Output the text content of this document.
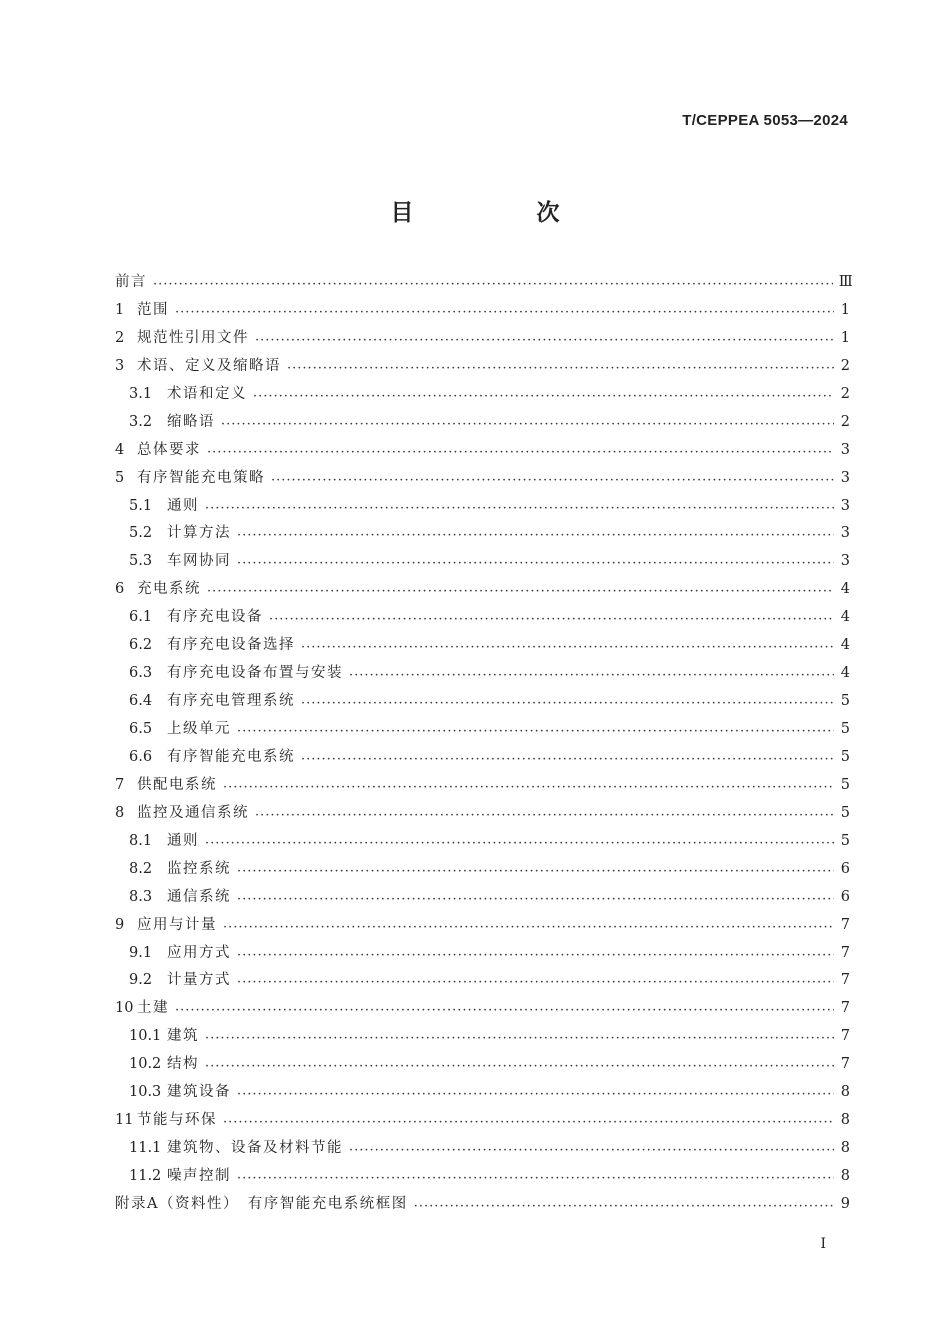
T/CEPPEA 5053—2024
目　次
前言 ·····	Ⅲ
1 范围 ·····	1
2 规范性引用文件 ·····	1
3 术语、定义及缩略语 ·····	2
3.1	术语和定义 ·····	2
3.2	缩略语 ·····	2
4 总体要求 ·····	3
5 有序智能充电策略 ·····	3
5.1	通则 ·····	3
5.2	计算方法 ·····	3
5.3	车网协同 ·····	3
6 充电系统 ·····	4
6.1	有序充电设备 ·····	4
6.2	有序充电设备选择 ·····	4
6.3	有序充电设备布置与安装 ·····	4
6.4	有序充电管理系统 ·····	5
6.5	上级单元 ·····	5
6.6	有序智能充电系统 ·····	5
7 供配电系统 ·····	5
8 监控及通信系统 ·····	5
8.1	通则 ·····	5
8.2	监控系统 ·····	6
8.3	通信系统 ·····	6
9 应用与计量 ·····	7
9.1	应用方式 ·····	7
9.2	计量方式 ·····	7
10 土建 ·····	7
10.1 建筑 ·····	7
10.2 结构 ·····	7
10.3 建筑设备 ·····	8
11 节能与环保 ·····	8
11.1 建筑物、设备及材料节能 ·····	8
11.2 噪声控制 ·····	8
附录A（资料性）　有序智能充电系统框图 ·····	9
Ⅰ
